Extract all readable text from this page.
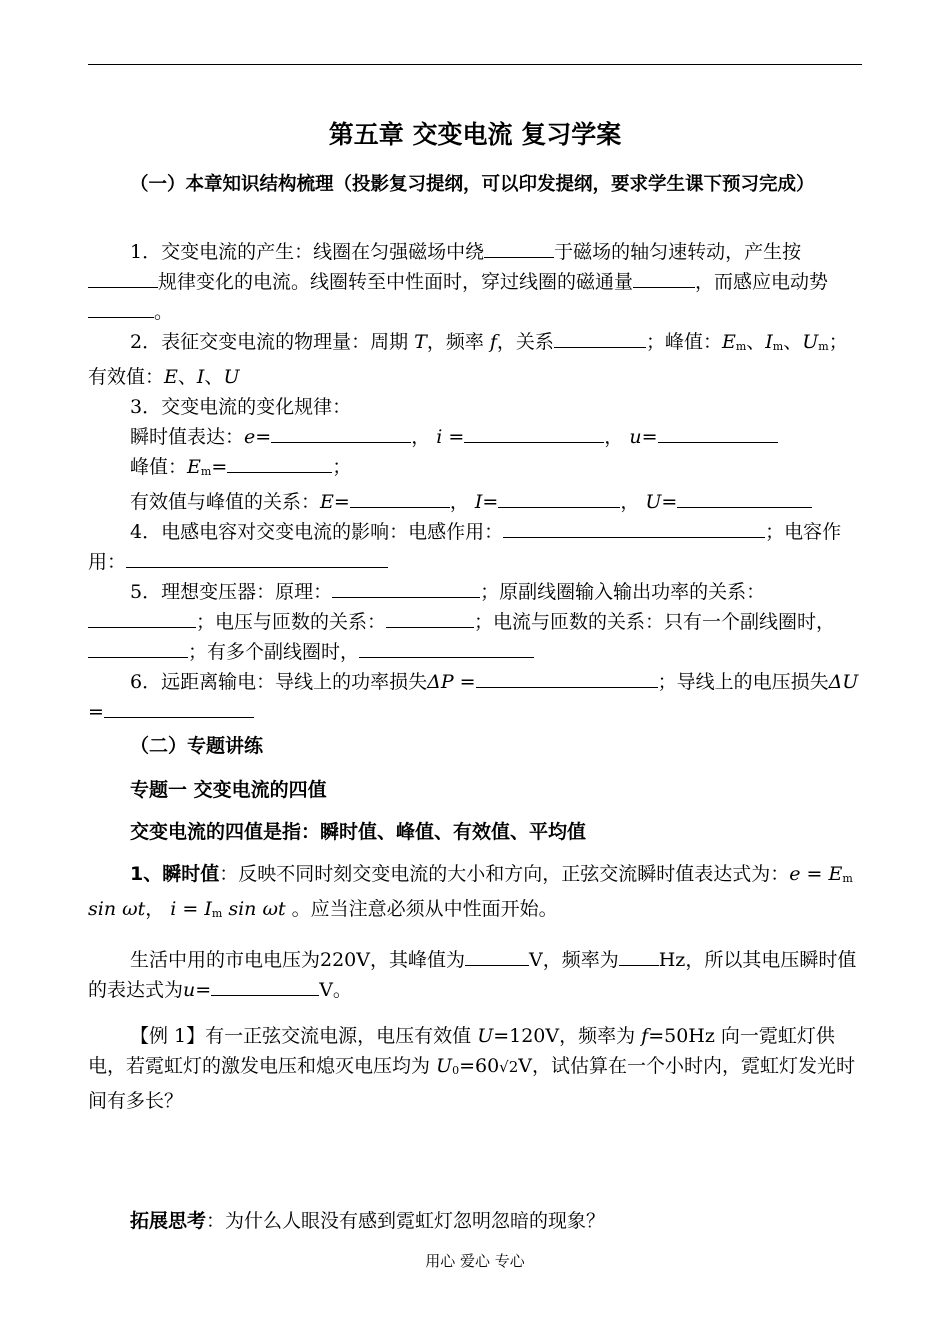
第五章 交变电流 复习学案
（一）本章知识结构梳理（投影复习提纲，可以印发提纲，要求学生课下预习完成）

1．交变电流的产生：线圈在匀强磁场中绕	于磁场的轴匀速转动，产生按规律变化的电流。线圈转至中性面时，穿过线圈的磁通量	，而感应电动势。

2．表征交变电流的物理量：周期 T，频率 f，关系	；峰值：Em、Im、Um；有效值：E、I、U

3．交变电流的变化规律：

瞬时值表达：e=	， i =	， u=

峰值：Em=	；

有效值与峰值的关系：E=	， I=	， U=

4．电感电容对交变电流的影响：电感作用：	；电容作用：

5．理想变压器：原理：	；原副线圈输入输出功率的关系：；电压与匝数的关系：	；电流与匝数的关系：只有一个副线圈时，；有多个副线圈时，

6．远距离输电：导线上的功率损失ΔP =	；导线上的电压损失ΔU =

（二）专题讲练

专题一 交变电流的四值

交变电流的四值是指：瞬时值、峰值、有效值、平均值

1、瞬时值：反映不同时刻交变电流的大小和方向，正弦交流瞬时值表达式为：e = Em sin ωt， i = Im sin ωt 。应当注意必须从中性面开始。

生活中用的市电电压为220V，其峰值为	V，频率为 Hz，所以其电压瞬时值的表达式为u=	V。

【例 1】有一正弦交流电源，电压有效值 U=120V，频率为 f=50Hz 向一霓虹灯供电，若霓虹灯的激发电压和熄灭电压均为 U0=60√2V，试估算在一个小时内，霓虹灯发光时间有多长？

拓展思考：为什么人眼没有感到霓虹灯忽明忽暗的现象？

用心 爱心 专心
